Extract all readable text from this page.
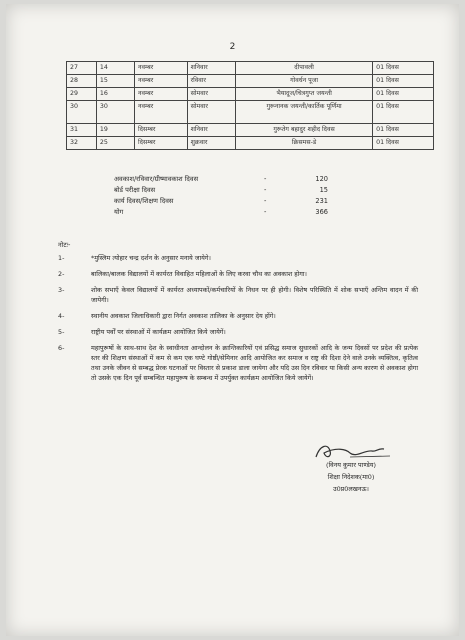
2
27	14	नवम्बर	शनिवार	दीपावली	01 दिवस
28	15	नवम्बर	रविवार	गोवर्धन पूजा	01 दिवस
29	16	नवम्बर	सोमवार	भैयादूज/चित्रगुप्त जयन्ती	01 दिवस
30	30	नवम्बर	सोमवार	गुरूनानक जयन्ती/कार्तिक पूर्णिमा	01 दिवस
31	19	दिसम्बर	शनिवार	गुरूतेग बहादुर शहीद दिवस	01 दिवस
32	25	दिसम्बर	शुक्रवार	क्रिसमस-डे	01 दिवस
अवकाश/रविवार/ग्रीष्मावकाश दिवस	-	120
बोर्ड परीक्षा दिवस	-	15
कार्य दिवस/शिक्षण दिवस	-	231
योग	-	366
नोटः-
1-	*मुस्लिम त्योहार चन्द्र दर्शन के अनुसार मनाये जायेगे।
2-	बालिका/बालक विद्यालयों में कार्यरत विवाहित महिलाओं के लिए करवा चौथ का अवकाश होगा।
3-	शोक सभाएँ केवल विद्यालयों में कार्यरत अध्यापकों/कर्मचारियों के निधन पर ही होगी। विशेष परिस्थिति में शोक सभाएँ अन्तिम वादन में की जायेगी।
4-	स्थानीय अवकाश जिलाधिकारी द्वारा निर्गत अवकाश तालिका के अनुसार देय होंगे।
5-	राष्ट्रीय पर्वों पर संस्थाओं में कार्यक्रम आयोजित किये जायेगें।
6-	महापुरूषों के साथ-साथ देश के स्वाधीनता आन्दोलन के क्रान्तिकारियों एवं प्रसिद्ध समाज सुधारकों आदि के जन्म दिवसों पर प्रदेश की प्रत्येक स्तर की शिक्षण संस्थाओं में कम से कम एक घण्टे गोष्ठी/सेमिनार आदि आयोजित कर समाज व राष्ट्र की दिशा देने वाले उनके व्यक्तित्व, कृतित्व तथा उनके जीवन से सम्बद्ध प्रेरक घटनाओं पर विस्तार से प्रकाश डाला जायेगा और यदि उस दिन रविवार या किसी अन्य कारण से अवकाश होगा तो उसके एक दिन पूर्व सम्बन्धित महापुरूष के सम्बन्ध में उपर्युक्त कार्यक्रम आयोजित किये जायेगें।
(विनय कुमार पाण्डेय)
शिक्षा निदेशक(मा0)
उ0प्र0लखनऊ।
